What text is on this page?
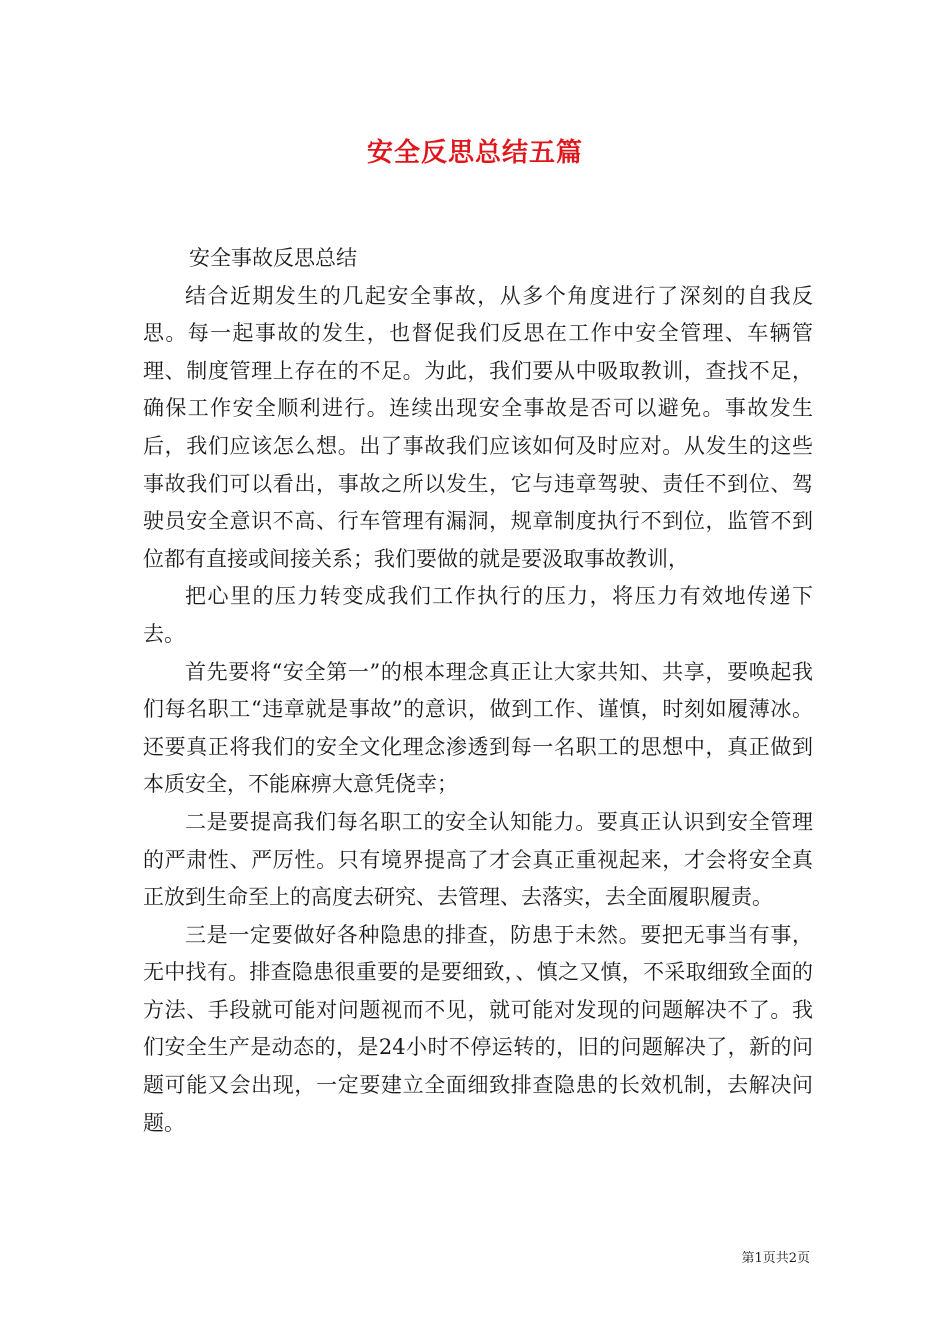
安全反思总结五篇

安全事故反思总结

结合近期发生的几起安全事故，从多个角度进行了深刻的自我反思。每一起事故的发生，也督促我们反思在工作中安全管理、车辆管理、制度管理上存在的不足。为此，我们要从中吸取教训，查找不足，确保工作安全顺利进行。连续出现安全事故是否可以避免。事故发生后，我们应该怎么想。出了事故我们应该如何及时应对。从发生的这些事故我们可以看出，事故之所以发生，它与违章驾驶、责任不到位、驾驶员安全意识不高、行车管理有漏洞，规章制度执行不到位，监管不到位都有直接或间接关系；我们要做的就是要汲取事故教训，

把心里的压力转变成我们工作执行的压力，将压力有效地传递下去。

首先要将“安全第一”的根本理念真正让大家共知、共享，要唤起我们每名职工“违章就是事故”的意识，做到工作、谨慎，时刻如履薄冰。还要真正将我们的安全文化理念渗透到每一名职工的思想中，真正做到本质安全，不能麻痹大意凭侥幸；

二是要提高我们每名职工的安全认知能力。要真正认识到安全管理的严肃性、严厉性。只有境界提高了才会真正重视起来，才会将安全真正放到生命至上的高度去研究、去管理、去落实，去全面履职履责。

三是一定要做好各种隐患的排查，防患于未然。要把无事当有事，无中找有。排查隐患很重要的是要细致，、慎之又慎，不采取细致全面的方法、手段就可能对问题视而不见，就可能对发现的问题解决不了。我们安全生产是动态的，是24小时不停运转的，旧的问题解决了，新的问题可能又会出现，一定要建立全面细致排查隐患的长效机制，去解决问题。

第1页共2页
